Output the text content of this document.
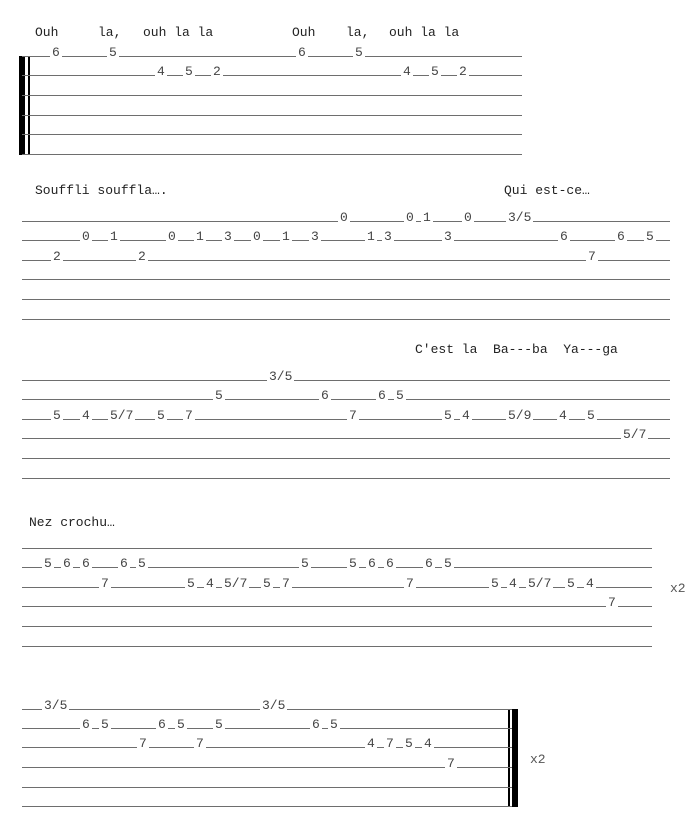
Ouh	la, ouh la la	Ouh la, ouh la la
6	5	6	5
4 5 2	4 5 2
Souffli souffla….	Qui est-ce…
0	0 1	0	3/5
0 1	0 1 3 0 1 3	1 3	3	6	6 5
2	2	7
C'est la  Ba---ba  Ya---ga
3/5
5	6	6 5
5 4 5/7 5 7	7	5 4	5/9 4 5
5/7
Nez crochu…
x2
5 6 6 6 5	5	5 6 6 6 5
7	5 4 5/7 5 7	7	5 4 5/7 5 4
7
x2
3/5	3/5
6 5	6 5 5	6 5
7	7	4 7 5 4
7
